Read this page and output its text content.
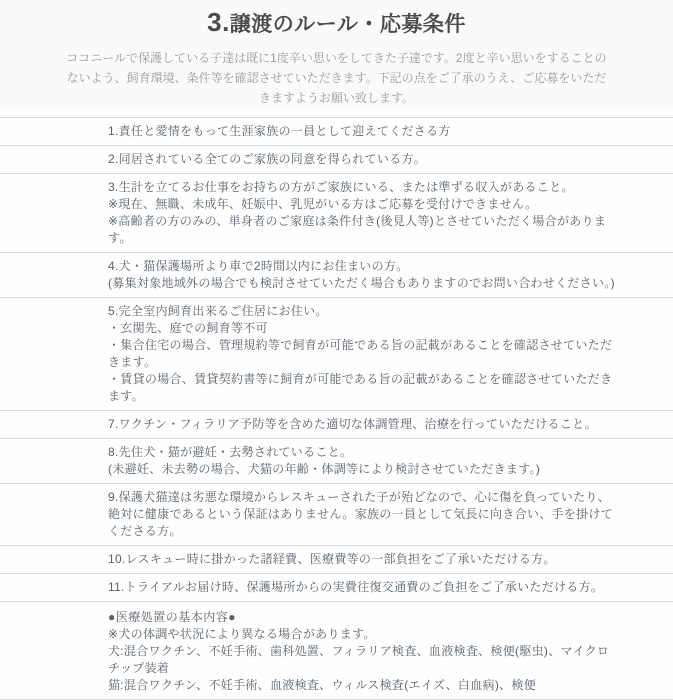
3.譲渡のルール・応募条件
ココニールで保護している子達は既に1度辛い思いをしてきた子達です。2度と辛い思いをすることのないよう、飼育環境、条件等を確認させていただきます。下記の点をご了承のうえ、ご応募をいただきますようお願い致します。
1.責任と愛情をもって生涯家族の一員として迎えてくださる方
2.同居されている全てのご家族の同意を得られている方。
3.生計を立てるお仕事をお持ちの方がご家族にいる、または準ずる収入があること。
※現在、無職、未成年、妊娠中、乳児がいる方はご応募を受付けできません。
※高齢者の方のみの、単身者のご家庭は条件付き(後見人等)とさせていただく場合があります。
4.犬・猫保護場所より車で2時間以内にお住まいの方。
(募集対象地域外の場合でも検討させていただく場合もありますのでお問い合わせください。)
5.完全室内飼育出来るご住居にお住い。
・玄関先、庭での飼育等不可
・集合住宅の場合、管理規約等で飼育が可能である旨の記載があることを確認させていただきます。
・賃貸の場合、賃貸契約書等に飼育が可能である旨の記載があることを確認させていただきます。
7.ワクチン・フィラリア予防等を含めた適切な体調管理、治療を行っていただけること。
8.先住犬・猫が避妊・去勢されていること。
(未避妊、未去勢の場合、犬猫の年齢・体調等により検討させていただきます。)
9.保護犬猫達は劣悪な環境からレスキューされた子が殆どなので、心に傷を負っていたり、絶対に健康であるという保証はありません。家族の一員として気長に向き合い、手を掛けてくださる方。
10.レスキュー時に掛かった諸経費、医療費等の一部負担をご了承いただける方。
11.トライアルお届け時、保護場所からの実費往復交通費のご負担をご了承いただける方。
●医療処置の基本内容●
※犬の体調や状況により異なる場合があります。
犬:混合ワクチン、不妊手術、歯科処置、フィラリア検査、血液検査、検便(駆虫)、マイクロチップ装着
猫:混合ワクチン、不妊手術、血液検査、ウィルス検査(エイズ、白血病)、検便
